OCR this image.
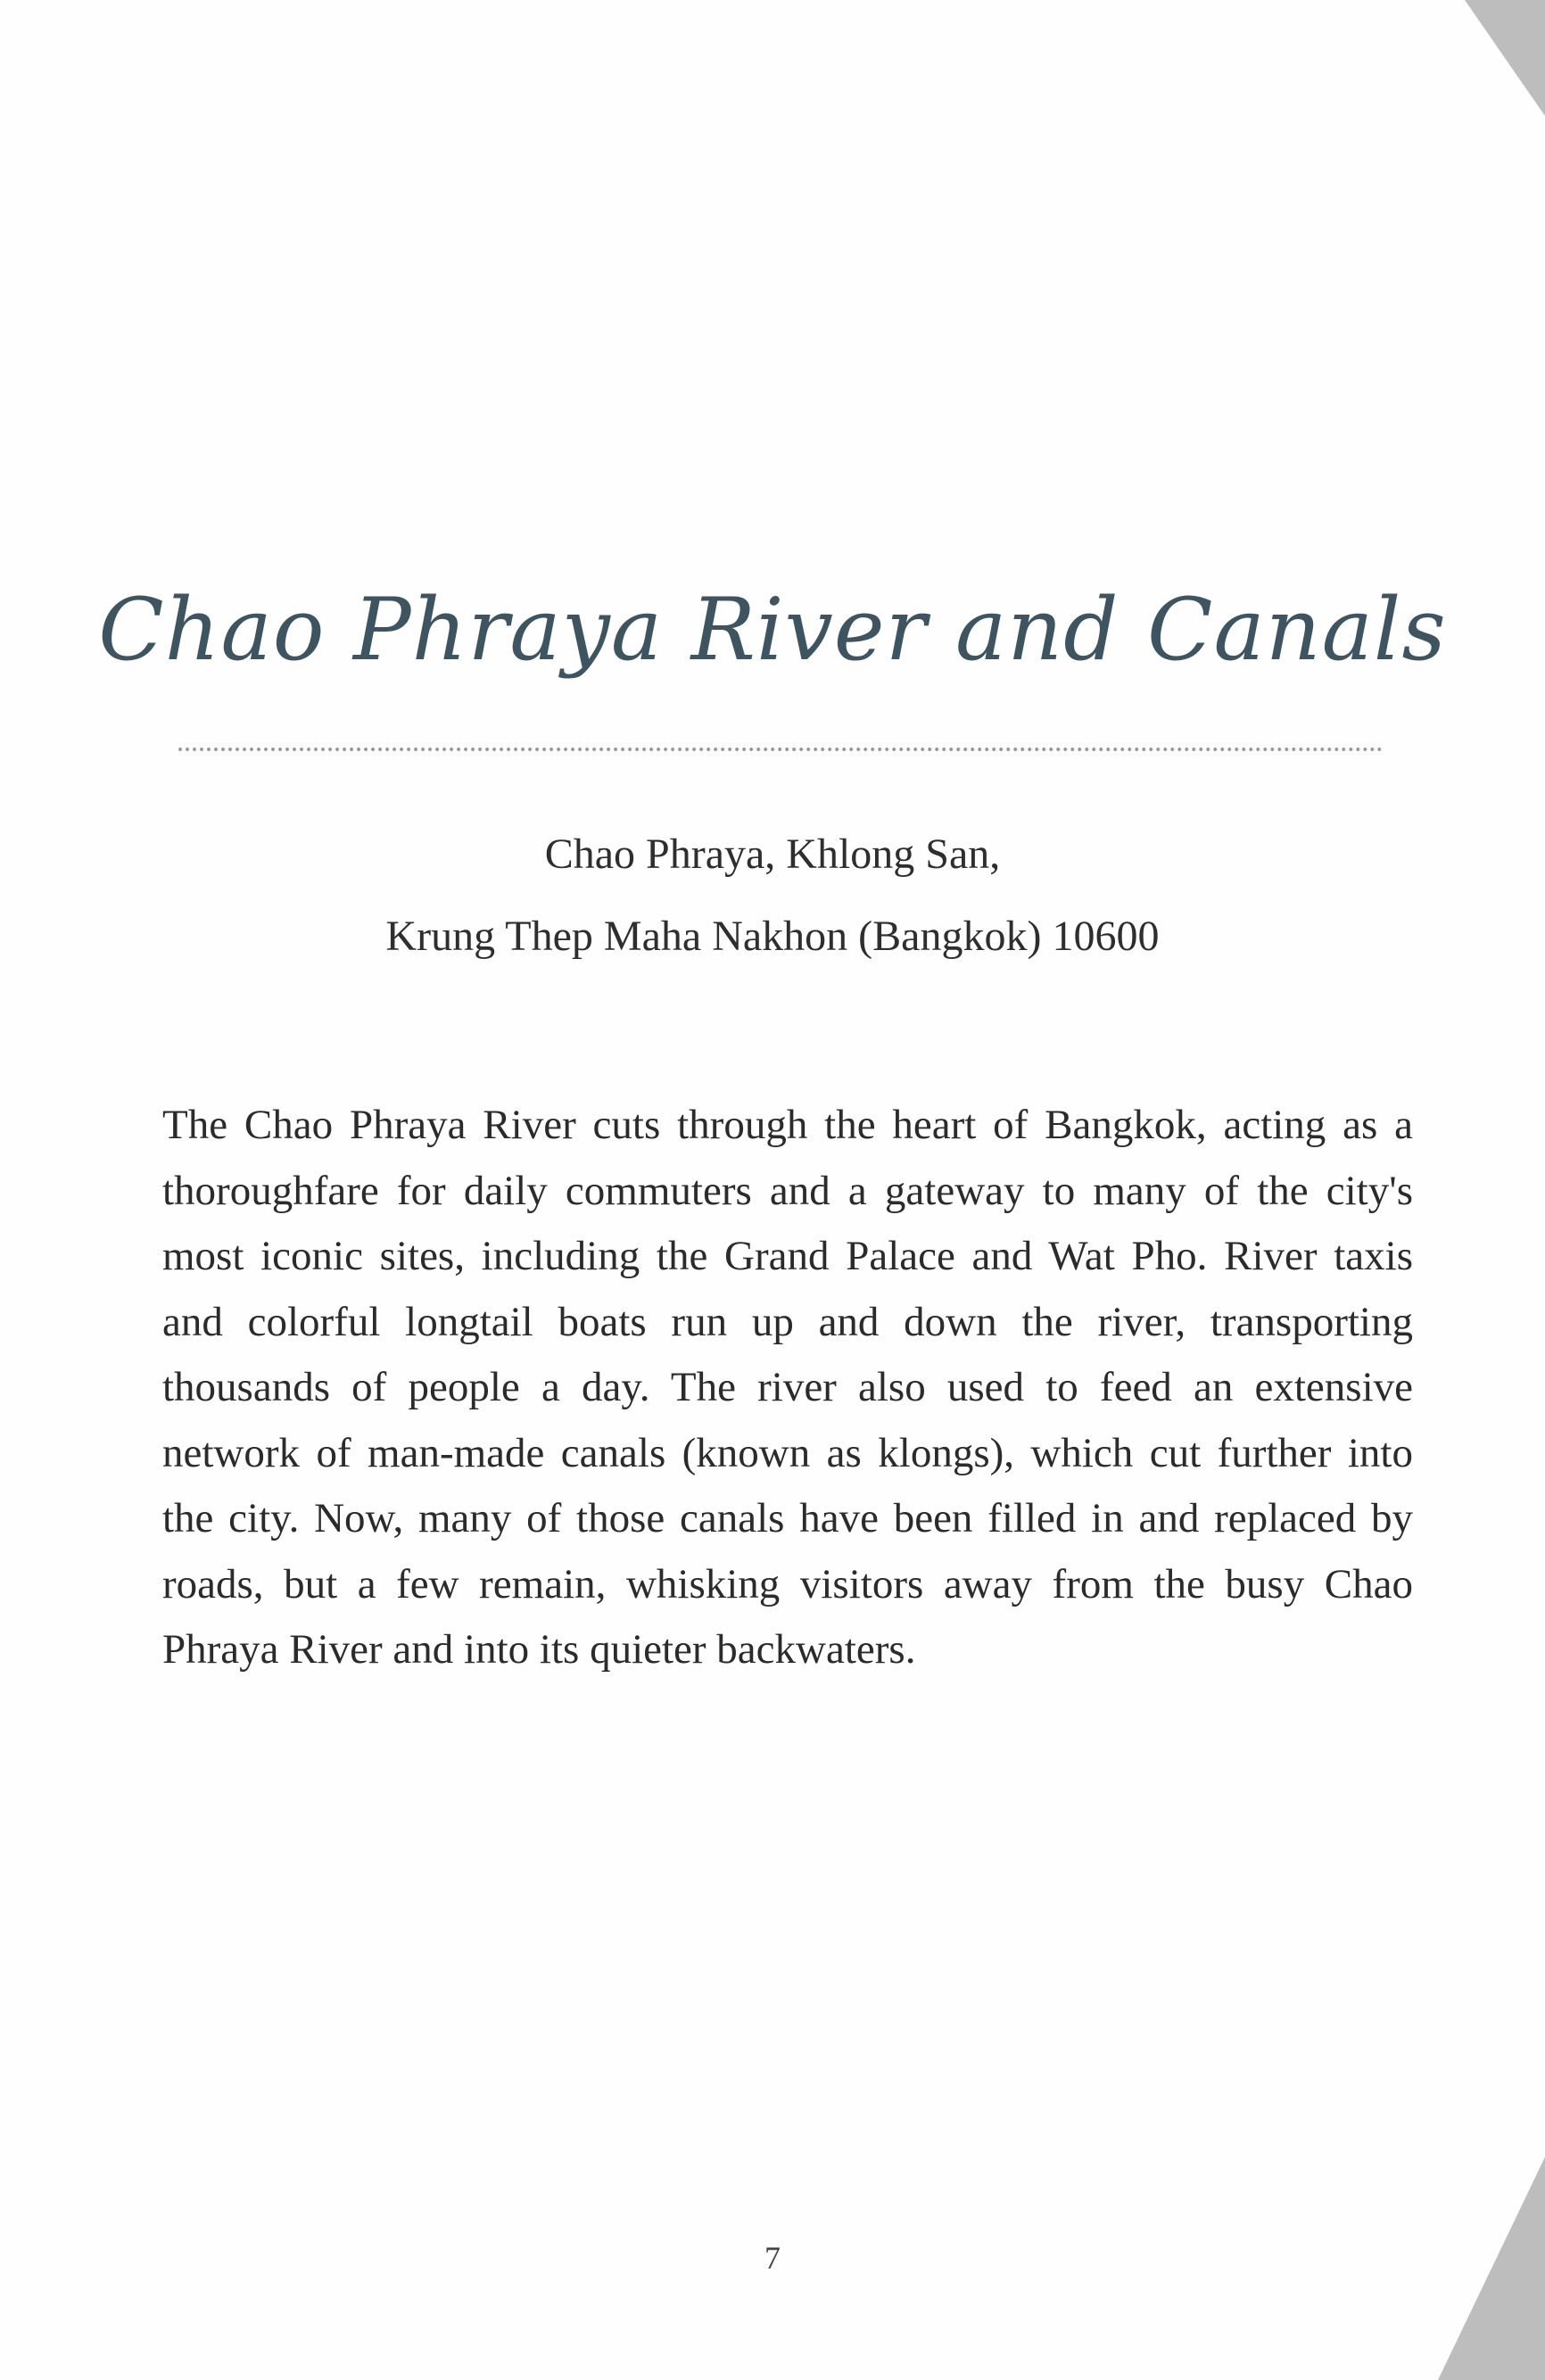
Chao Phraya River and Canals
Chao Phraya, Khlong San,
Krung Thep Maha Nakhon (Bangkok) 10600
The Chao Phraya River cuts through the heart of Bangkok, acting as a thoroughfare for daily commuters and a gateway to many of the city's most iconic sites, including the Grand Palace and Wat Pho. River taxis and colorful longtail boats run up and down the river, transporting thousands of people a day. The river also used to feed an extensive network of man-made canals (known as klongs), which cut further into the city. Now, many of those canals have been filled in and replaced by roads, but a few remain, whisking visitors away from the busy Chao Phraya River and into its quieter backwaters.
7
